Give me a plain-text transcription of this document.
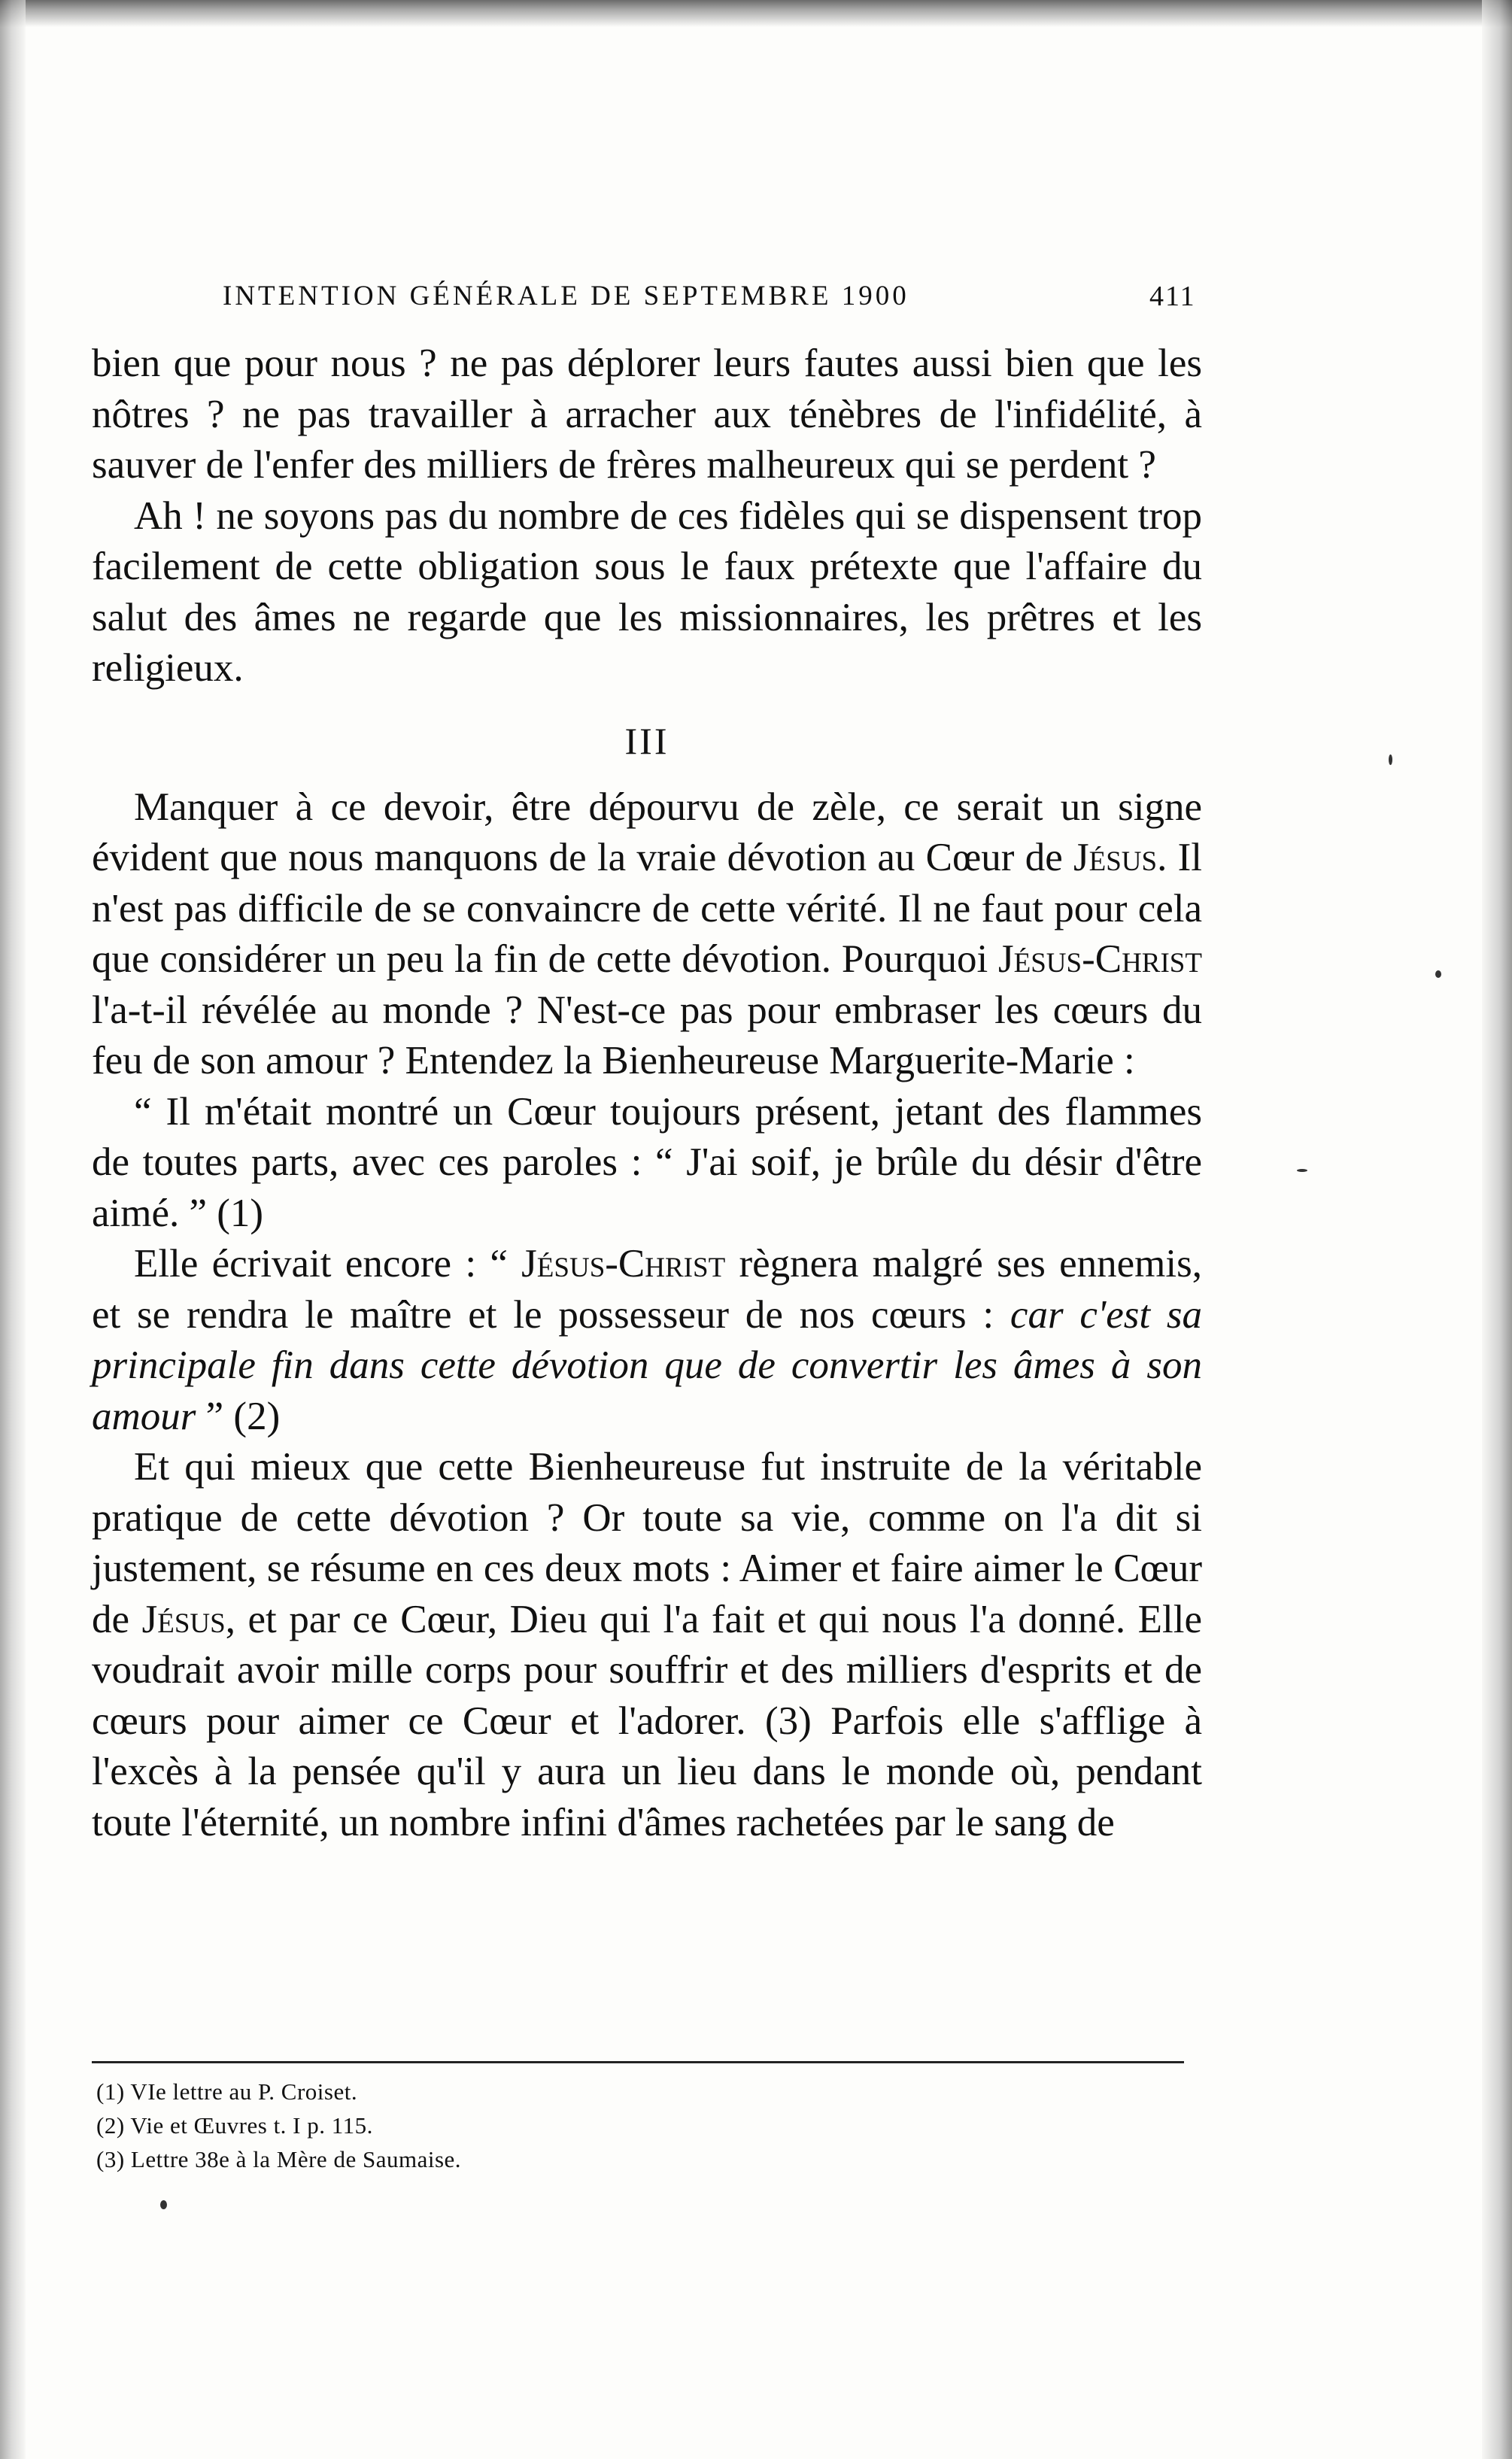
INTENTION GÉNÉRALE DE SEPTEMBRE 1900	411

bien que pour nous ? ne pas déplorer leurs fautes aussi bien que les nôtres ? ne pas travailler à arracher aux ténèbres de l'infidélité, à sauver de l'enfer des milliers de frères malheureux qui se perdent ?

Ah ! ne soyons pas du nombre de ces fidèles qui se dispensent trop facilement de cette obligation sous le faux prétexte que l'affaire du salut des âmes ne regarde que les missionnaires, les prêtres et les religieux.

III

Manquer à ce devoir, être dépourvu de zèle, ce serait un signe évident que nous manquons de la vraie dévotion au Cœur de Jésus. Il n'est pas difficile de se convaincre de cette vérité. Il ne faut pour cela que considérer un peu la fin de cette dévotion. Pourquoi Jésus-Christ l'a-t-il révélée au monde ? N'est-ce pas pour embraser les cœurs du feu de son amour ? Entendez la Bienheureuse Marguerite-Marie :

“ Il m'était montré un Cœur toujours présent, jetant des flammes de toutes parts, avec ces paroles : “ J'ai soif, je brûle du désir d'être aimé. ” (1)

Elle écrivait encore : “ Jésus-Christ règnera malgré ses ennemis, et se rendra le maître et le possesseur de nos cœurs : car c'est sa principale fin dans cette dévotion que de convertir les âmes à son amour ” (2)

Et qui mieux que cette Bienheureuse fut instruite de la véritable pratique de cette dévotion ? Or toute sa vie, comme on l'a dit si justement, se résume en ces deux mots : Aimer et faire aimer le Cœur de Jésus, et par ce Cœur, Dieu qui l'a fait et qui nous l'a donné. Elle voudrait avoir mille corps pour souffrir et des milliers d'esprits et de cœurs pour aimer ce Cœur et l'adorer. (3) Parfois elle s'afflige à l'excès à la pensée qu'il y aura un lieu dans le monde où, pendant toute l'éternité, un nombre infini d'âmes rachetées par le sang de

(1) VIe lettre au P. Croiset.
(2) Vie et Œuvres t. I p. 115.
(3) Lettre 38e à la Mère de Saumaise.
